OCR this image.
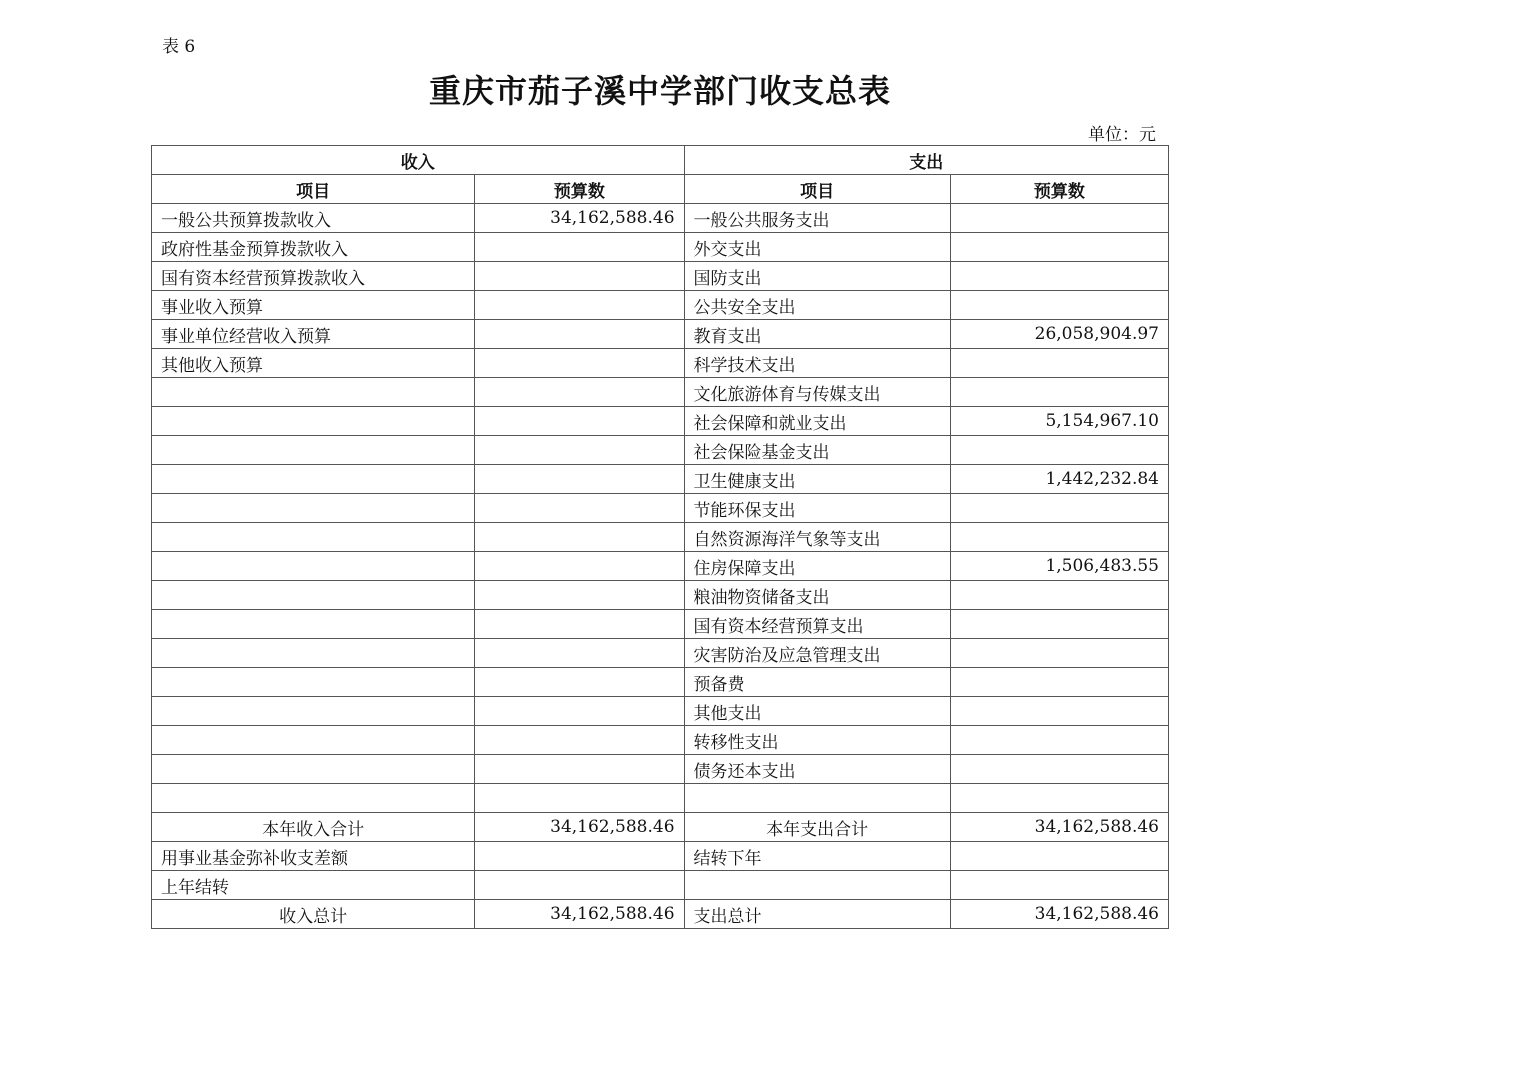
表 6
重庆市茄子溪中学部门收支总表
单位：元
收入		支出	
项目	预算数	项目	预算数
一般公共预算拨款收入	34,162,588.46	一般公共服务支出	
政府性基金预算拨款收入		外交支出	
国有资本经营预算拨款收入		国防支出	
事业收入预算		公共安全支出	
事业单位经营收入预算		教育支出	26,058,904.97
其他收入预算		科学技术支出	
		文化旅游体育与传媒支出	
		社会保障和就业支出	5,154,967.10
		社会保险基金支出	
		卫生健康支出	1,442,232.84
		节能环保支出	
		自然资源海洋气象等支出	
		住房保障支出	1,506,483.55
		粮油物资储备支出	
		国有资本经营预算支出	
		灾害防治及应急管理支出	
		预备费	
		其他支出	
		转移性支出	
		债务还本支出	

本年收入合计	34,162,588.46	本年支出合计	34,162,588.46
用事业基金弥补收支差额		结转下年	
上年结转			
收入总计	34,162,588.46	支出总计	34,162,588.46
